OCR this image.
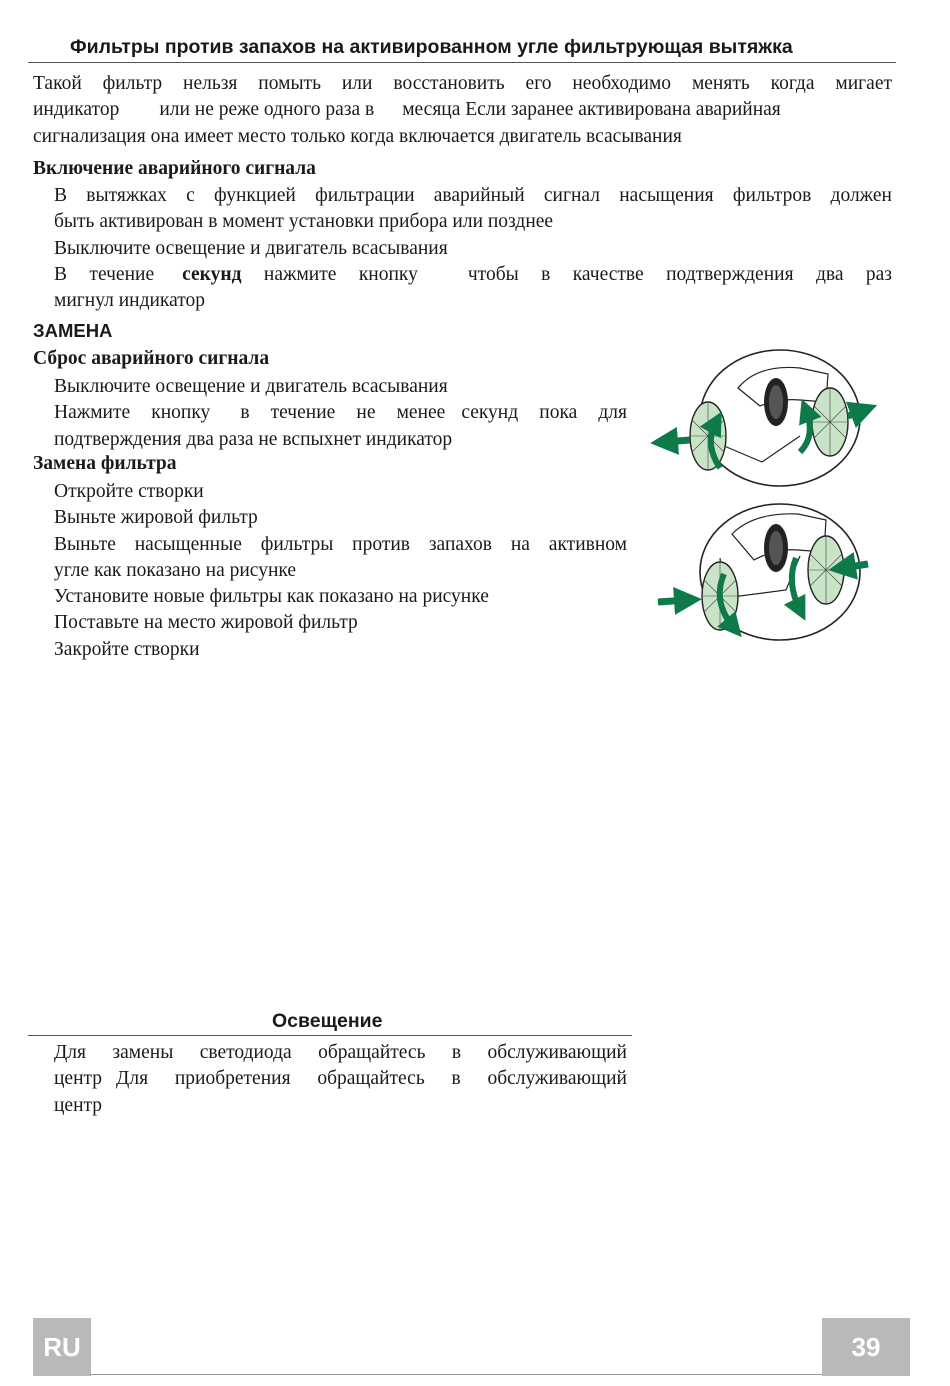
Фильтры против запахов на активированном угле фильтрующая вытяжка
Такой фильтр нельзя помыть или восстановить его необходимо менять когда мигает
индикатор или не реже одного раза в месяца Если заранее активирована аварийная
сигнализация она имеет место только когда включается двигатель всасывания
Включение аварийного сигнала
В вытяжках с функцией фильтрации аварийный сигнал насыщения фильтров должен
быть активирован в момент установки прибора или позднее
Выключите освещение и двигатель всасывания
В течение секунд нажмите кнопку	чтобы в качестве подтверждения два раз
мигнул индикатор
ЗАМЕНА
Сброс аварийного сигнала
Выключите освещение и двигатель всасывания
Нажмите кнопку в течение не менее секунд пока для
подтверждения два раза не вспыхнет индикатор
Замена фильтра
Откройте створки
Выньте жировой фильтр
Выньте насыщенные фильтры против запахов на активном
угле как показано на рисунке
Установите новые фильтры как показано на рисунке
Поставьте на место жировой фильтр
Закройте створки
Освещение
Для замены светодиода обращайтесь в обслуживающий
центр Для приобретения обращайтесь в обслуживающий
центр
RU	39
